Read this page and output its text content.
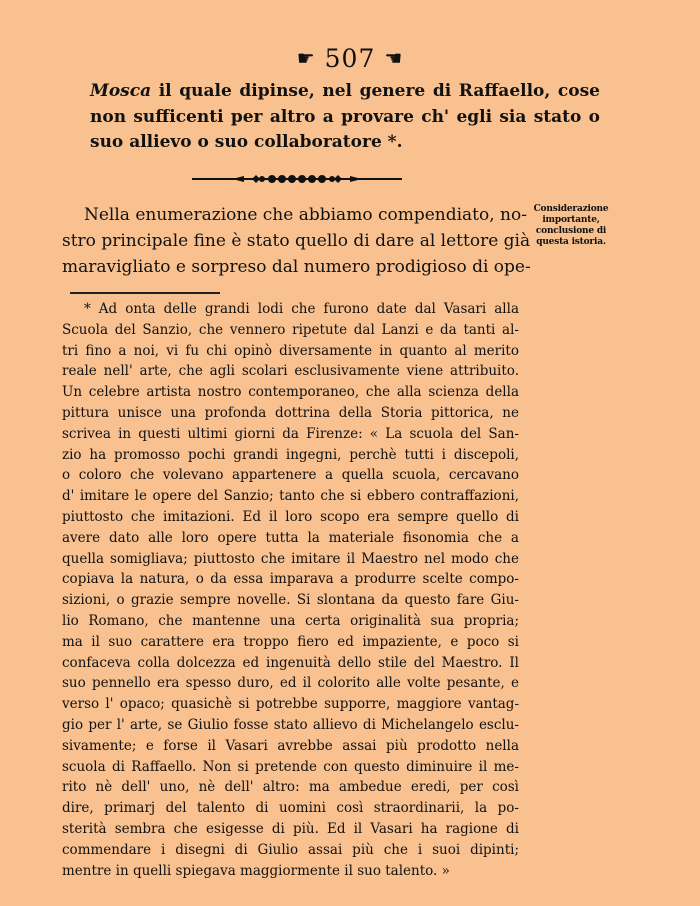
☛ 507 ☚
Mosca il quale dipinse, nel genere di Raffaello, cose
non sufficenti per altro a provare ch' egli sia stato o
suo allievo o suo collaboratore *.
Nella enumerazione che abbiamo compendiato, no-
stro principale fine è stato quello di dare al lettore già
maravigliato e sorpreso dal numero prodigioso di ope-
Considerazione importante, conclusione di questa istoria.
* Ad onta delle grandi lodi che furono date dal Vasari alla
Scuola del Sanzio, che vennero ripetute dal Lanzi e da tanti al-
tri fino a noi, vi fu chi opinò diversamente in quanto al merito
reale nell' arte, che agli scolari esclusivamente viene attribuito.
Un celebre artista nostro contemporaneo, che alla scienza della
pittura unisce una profonda dottrina della Storia pittorica, ne
scrivea in questi ultimi giorni da Firenze: « La scuola del San-
zio ha promosso pochi grandi ingegni, perchè tutti i discepoli,
o coloro che volevano appartenere a quella scuola, cercavano
d' imitare le opere del Sanzio; tanto che si ebbero contraffazioni,
piuttosto che imitazioni. Ed il loro scopo era sempre quello di
avere dato alle loro opere tutta la materiale fisonomia che a
quella somigliava; piuttosto che imitare il Maestro nel modo che
copiava la natura, o da essa imparava a produrre scelte compo-
sizioni, o grazie sempre novelle. Si slontana da questo fare Giu-
lio Romano, che mantenne una certa originalità sua propria;
ma il suo carattere era troppo fiero ed impaziente, e poco si
confaceva colla dolcezza ed ingenuità dello stile del Maestro. Il
suo pennello era spesso duro, ed il colorito alle volte pesante, e
verso l' opaco; quasichè si potrebbe supporre, maggiore vantag-
gio per l' arte, se Giulio fosse stato allievo di Michelangelo esclu-
sivamente; e forse il Vasari avrebbe assai più prodotto nella
scuola di Raffaello. Non si pretende con questo diminuire il me-
rito nè dell' uno, nè dell' altro: ma ambedue eredi, per così
dire, primarj del talento di uomini così straordinarii, la po-
sterità sembra che esigesse di più. Ed il Vasari ha ragione di
commendare i disegni di Giulio assai più che i suoi dipinti;
mentre in quelli spiegava maggiormente il suo talento. »
